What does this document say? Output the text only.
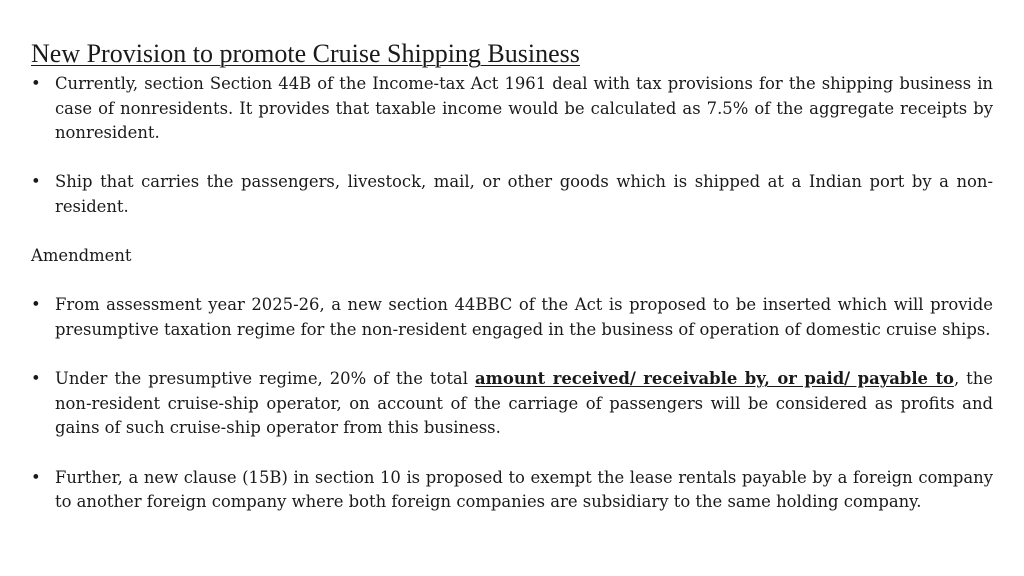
New Provision to promote Cruise Shipping Business
• Currently, section Section 44B of the Income-tax Act 1961 deal with tax provisions for the shipping business in case of nonresidents. It provides that taxable income would be calculated as 7.5% of the aggregate receipts by nonresident.
• Ship that carries the passengers, livestock, mail, or other goods which is shipped at a Indian port by a non-resident.
Amendment
• From assessment year 2025-26, a new section 44BBC of the Act is proposed to be inserted which will provide presumptive taxation regime for the non-resident engaged in the business of operation of domestic cruise ships.
• Under the presumptive regime, 20% of the total amount received/ receivable by, or paid/ payable to, the non-resident cruise-ship operator, on account of the carriage of passengers will be considered as profits and gains of such cruise-ship operator from this business.
• Further, a new clause (15B) in section 10 is proposed to exempt the lease rentals payable by a foreign company to another foreign company where both foreign companies are subsidiary to the same holding company.
